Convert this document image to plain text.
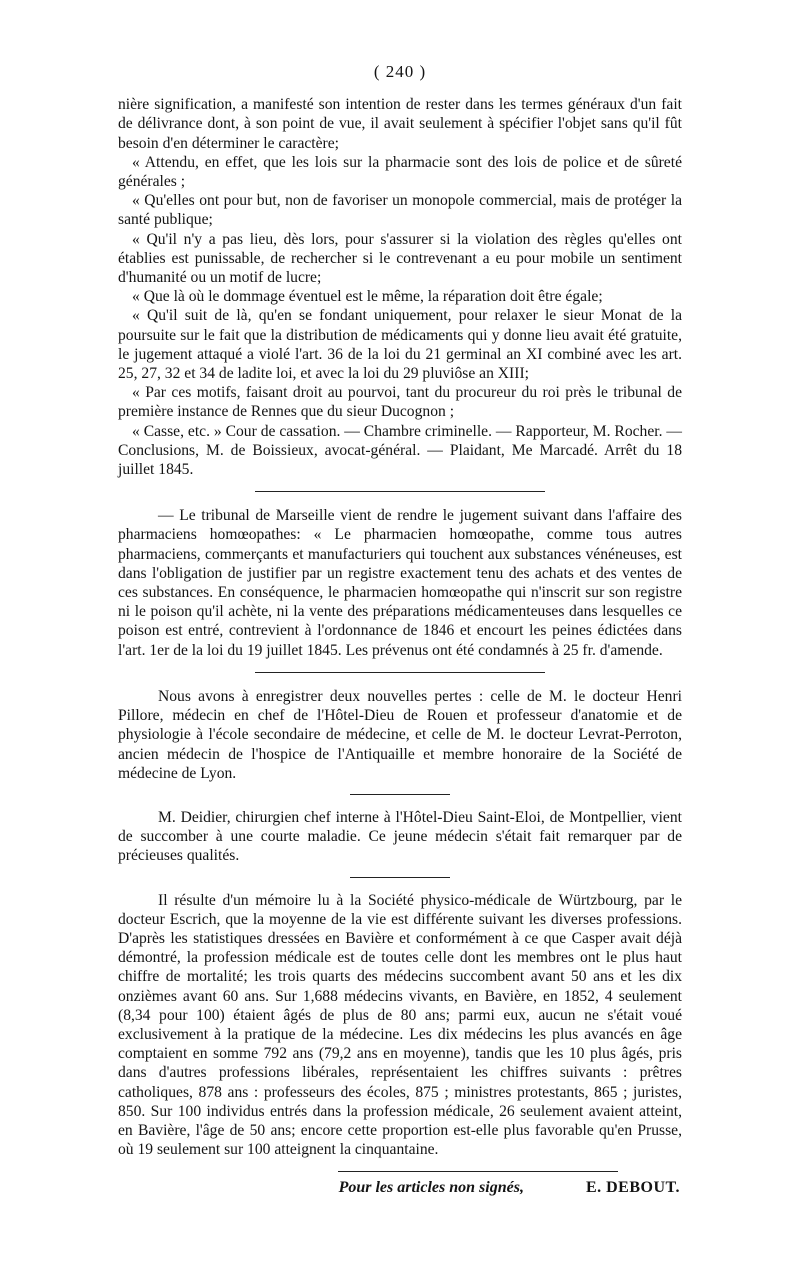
( 240 )

nière signification, a manifesté son intention de rester dans les termes généraux d'un fait de délivrance dont, à son point de vue, il avait seulement à spécifier l'objet sans qu'il fût besoin d'en déterminer le caractère;

« Attendu, en effet, que les lois sur la pharmacie sont des lois de police et de sûreté générales ;

« Qu'elles ont pour but, non de favoriser un monopole commercial, mais de protéger la santé publique;

« Qu'il n'y a pas lieu, dès lors, pour s'assurer si la violation des règles qu'elles ont établies est punissable, de rechercher si le contrevenant a eu pour mobile un sentiment d'humanité ou un motif de lucre;

« Que là où le dommage éventuel est le même, la réparation doit être égale;

« Qu'il suit de là, qu'en se fondant uniquement, pour relaxer le sieur Monat de la poursuite sur le fait que la distribution de médicaments qui y donne lieu avait été gratuite, le jugement attaqué a violé l'art. 36 de la loi du 21 germinal an XI combiné avec les art. 25, 27, 32 et 34 de ladite loi, et avec la loi du 29 pluviôse an XIII;

« Par ces motifs, faisant droit au pourvoi, tant du procureur du roi près le tribunal de première instance de Rennes que du sieur Ducognon ;

« Casse, etc. » Cour de cassation. — Chambre criminelle. — Rapporteur, M. Rocher. — Conclusions, M. de Boissieux, avocat-général. — Plaidant, Me Marcadé. Arrêt du 18 juillet 1845.

— Le tribunal de Marseille vient de rendre le jugement suivant dans l'affaire des pharmaciens homœopathes: « Le pharmacien homœopathe, comme tous autres pharmaciens, commerçants et manufacturiers qui touchent aux substances vénéneuses, est dans l'obligation de justifier par un registre exactement tenu des achats et des ventes de ces substances. En conséquence, le pharmacien homœopathe qui n'inscrit sur son registre ni le poison qu'il achète, ni la vente des préparations médicamenteuses dans lesquelles ce poison est entré, contrevient à l'ordonnance de 1846 et encourt les peines édictées dans l'art. 1er de la loi du 19 juillet 1845. Les prévenus ont été condamnés à 25 fr. d'amende.

Nous avons à enregistrer deux nouvelles pertes : celle de M. le docteur Henri Pillore, médecin en chef de l'Hôtel-Dieu de Rouen et professeur d'anatomie et de physiologie à l'école secondaire de médecine, et celle de M. le docteur Levrat-Perroton, ancien médecin de l'hospice de l'Antiquaille et membre honoraire de la Société de médecine de Lyon.

M. Deidier, chirurgien chef interne à l'Hôtel-Dieu Saint-Eloi, de Montpellier, vient de succomber à une courte maladie. Ce jeune médecin s'était fait remarquer par de précieuses qualités.

Il résulte d'un mémoire lu à la Société physico-médicale de Würtzbourg, par le docteur Escrich, que la moyenne de la vie est différente suivant les diverses professions. D'après les statistiques dressées en Bavière et conformément à ce que Casper avait déjà démontré, la profession médicale est de toutes celle dont les membres ont le plus haut chiffre de mortalité; les trois quarts des médecins succombent avant 50 ans et les dix onzièmes avant 60 ans. Sur 1,688 médecins vivants, en Bavière, en 1852, 4 seulement (8,34 pour 100) étaient âgés de plus de 80 ans; parmi eux, aucun ne s'était voué exclusivement à la pratique de la médecine. Les dix médecins les plus avancés en âge comptaient en somme 792 ans (79,2 ans en moyenne), tandis que les 10 plus âgés, pris dans d'autres professions libérales, représentaient les chiffres suivants : prêtres catholiques, 878 ans : professeurs des écoles, 875 ; ministres protestants, 865 ; juristes, 850. Sur 100 individus entrés dans la profession médicale, 26 seulement avaient atteint, en Bavière, l'âge de 50 ans; encore cette proportion est-elle plus favorable qu'en Prusse, où 19 seulement sur 100 atteignent la cinquantaine.

Pour les articles non signés,	E. DEBOUT.
